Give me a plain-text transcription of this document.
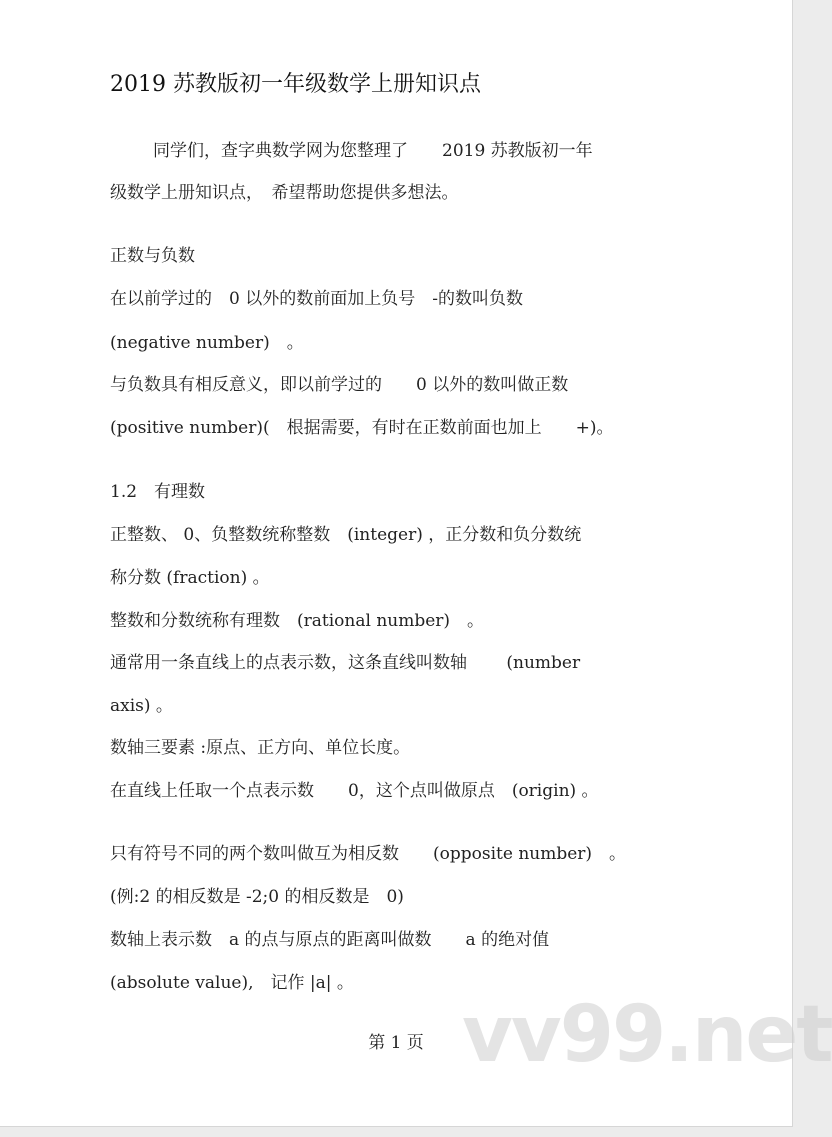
2019 苏教版初一年级数学上册知识点
同学们，查字典数学网为您整理了　　2019 苏教版初一年
级数学上册知识点，　希望帮助您提供多想法。
正数与负数
在以前学过的　0 以外的数前面加上负号　-的数叫负数
(negative number)　。
与负数具有相反意义，即以前学过的　　0 以外的数叫做正数
(positive number)(　根据需要，有时在正数前面也加上　　+)。
1.2　有理数
正整数、 0、负整数统称整数　(integer) ，正分数和负分数统
称分数 (fraction) 。
整数和分数统称有理数　(rational number)　。
通常用一条直线上的点表示数，这条直线叫数轴　　 (number
axis) 。
数轴三要素 :原点、正方向、单位长度。
在直线上任取一个点表示数　　0，这个点叫做原点　(origin) 。
只有符号不同的两个数叫做互为相反数　　(opposite number)　。
(例:2 的相反数是 -2;0 的相反数是　0)
数轴上表示数　a 的点与原点的距离叫做数　　a 的绝对值
(absolute value),　记作 |a| 。
第 1 页 vv99.net
